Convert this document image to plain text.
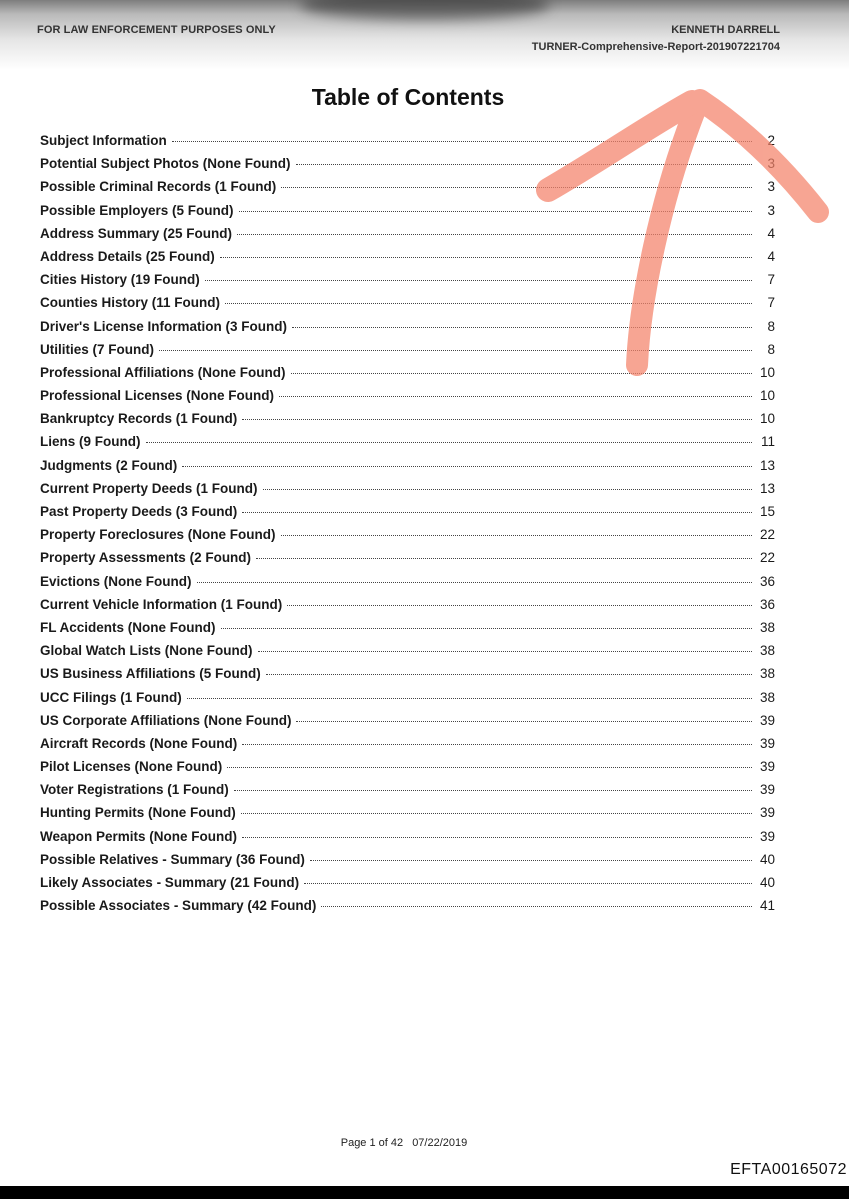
FOR LAW ENFORCEMENT PURPOSES ONLY	KENNETH DARRELL
TURNER-Comprehensive-Report-201907221704
Table of Contents
Subject Information	2
Potential Subject Photos (None Found)	3
Possible Criminal Records (1 Found)	3
Possible Employers (5 Found)	3
Address Summary (25 Found)	4
Address Details (25 Found)	4
Cities History (19 Found)	7
Counties History (11 Found)	7
Driver's License Information (3 Found)	8
Utilities (7 Found)	8
Professional Affiliations (None Found)	10
Professional Licenses (None Found)	10
Bankruptcy Records (1 Found)	10
Liens (9 Found)	11
Judgments (2 Found)	13
Current Property Deeds (1 Found)	13
Past Property Deeds (3 Found)	15
Property Foreclosures (None Found)	22
Property Assessments (2 Found)	22
Evictions (None Found)	36
Current Vehicle Information (1 Found)	36
FL Accidents (None Found)	38
Global Watch Lists (None Found)	38
US Business Affiliations (5 Found)	38
UCC Filings (1 Found)	38
US Corporate Affiliations (None Found)	39
Aircraft Records (None Found)	39
Pilot Licenses (None Found)	39
Voter Registrations (1 Found)	39
Hunting Permits (None Found)	39
Weapon Permits (None Found)	39
Possible Relatives - Summary (36 Found)	40
Likely Associates - Summary (21 Found)	40
Possible Associates - Summary (42 Found)	41
Page 1 of 42 07/22/2019
EFTA00165072
